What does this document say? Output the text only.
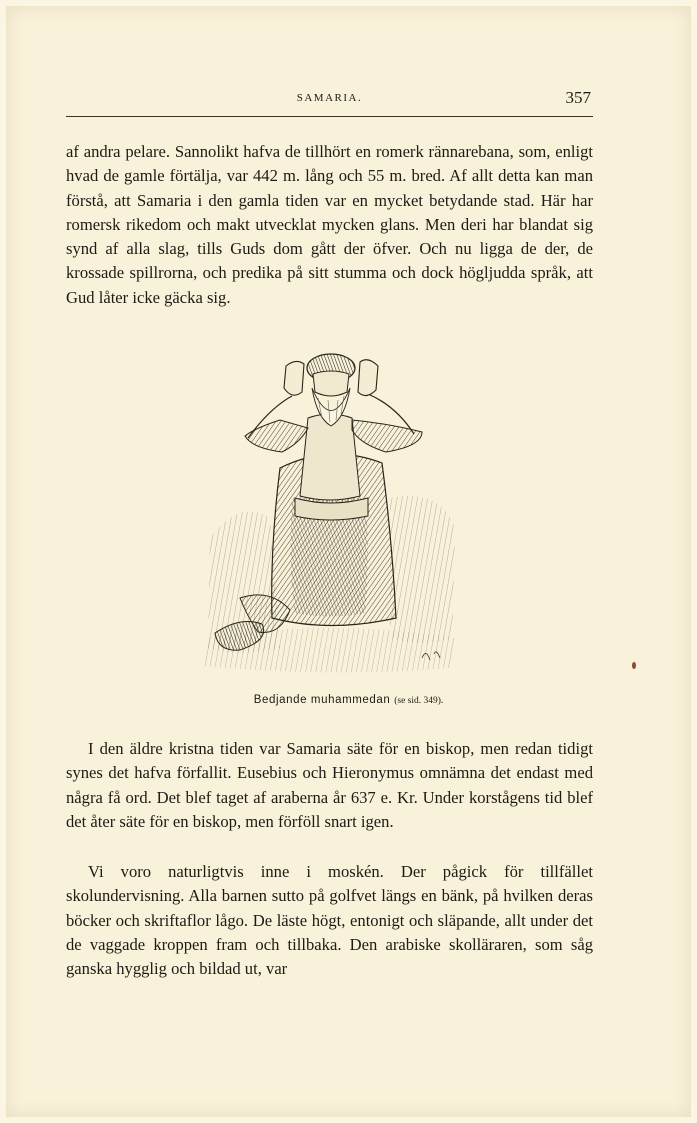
SAMARIA.	357

af andra pelare. Sannolikt hafva de tillhört en romerk rännarebana, som, enligt hvad de gamle förtälja, var 442 m. lång och 55 m. bred. Af allt detta kan man förstå, att Samaria i den gamla tiden var en mycket betydande stad. Här har romersk rikedom och makt utvecklat mycken glans. Men deri har blandat sig synd af alla slag, tills Guds dom gått der öfver. Och nu ligga de der, de krossade spillrorna, och predika på sitt stumma och dock högljudda språk, att Gud låter icke gäcka sig.

Bedjande muhammedan (se sid. 349).

I den äldre kristna tiden var Samaria säte för en biskop, men redan tidigt synes det hafva förfallit. Eusebius och Hieronymus omnämna det endast med några få ord. Det blef taget af araberna år 637 e. Kr. Under korstågens tid blef det åter säte för en biskop, men förföll snart igen.

Vi voro naturligtvis inne i moskén. Der pågick för tillfället skolundervisning. Alla barnen sutto på golfvet längs en bänk, på hvilken deras böcker och skriftaflor lågo. De läste högt, entonigt och släpande, allt under det de vaggade kroppen fram och tillbaka. Den arabiske skolläraren, som såg ganska hygglig och bildad ut, var
